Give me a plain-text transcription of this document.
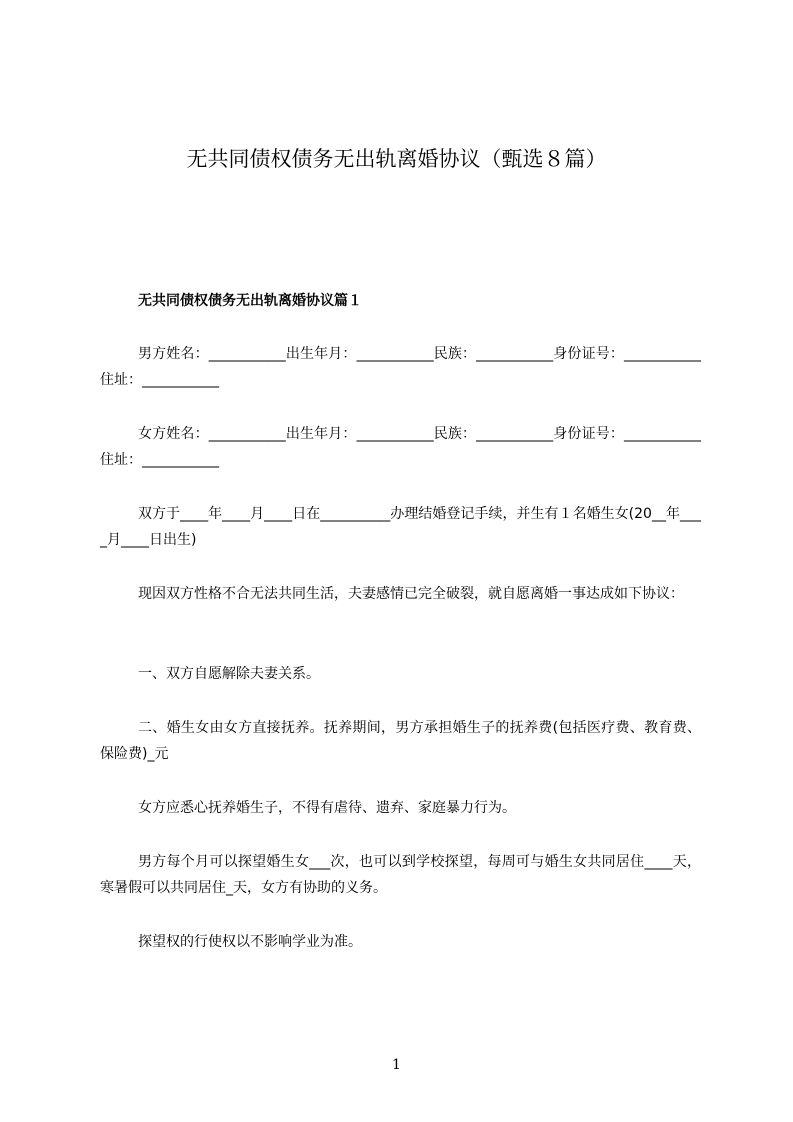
无共同债权债务无出轨离婚协议（甄选８篇）
无共同债权债务无出轨离婚协议篇１

男方姓名：___________出生年月：___________民族：___________身份证号：___________住址：___________

女方姓名：___________出生年月：___________民族：___________身份证号：___________住址：___________

双方于____年____月____日在__________办理结婚登记手续，并生有１名婚生女(20__年____月____日出生)

现因双方性格不合无法共同生活，夫妻感情已完全破裂，就自愿离婚一事达成如下协议：

一、双方自愿解除夫妻关系。

二、婚生女由女方直接抚养。抚养期间，男方承担婚生子的抚养费(包括医疗费、教育费、保险费)_元

女方应悉心抚养婚生子，不得有虐待、遗弃、家庭暴力行为。

男方每个月可以探望婚生女___次，也可以到学校探望，每周可与婚生女共同居住____天，寒暑假可以共同居住_天，女方有协助的义务。

探望权的行使权以不影响学业为准。

1
